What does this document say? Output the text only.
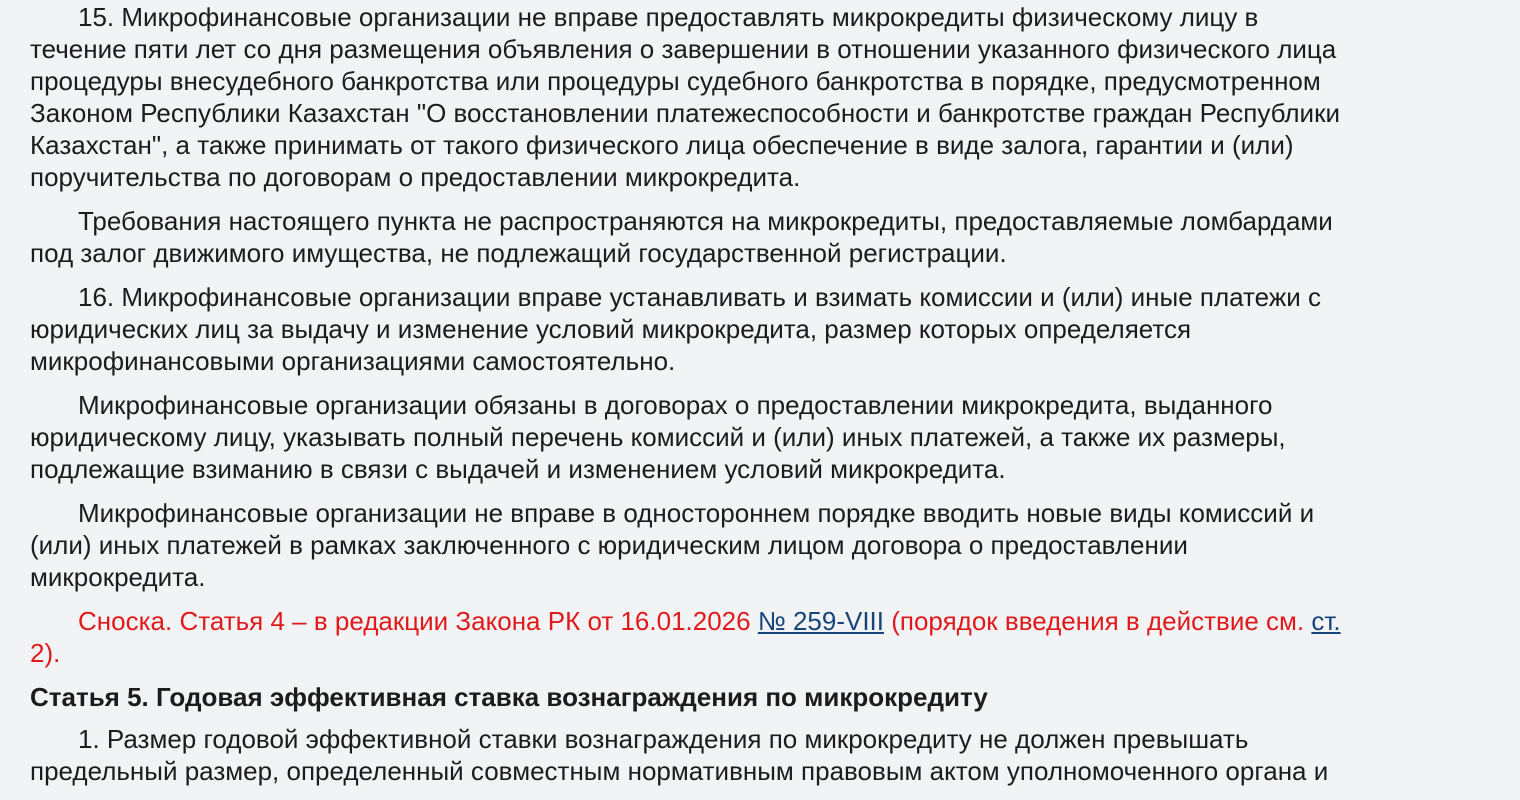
15. Микрофинансовые организации не вправе предоставлять микрокредиты физическому лицу в
течение пяти лет со дня размещения объявления о завершении в отношении указанного физического лица
процедуры внесудебного банкротства или процедуры судебного банкротства в порядке, предусмотренном
Законом Республики Казахстан "О восстановлении платежеспособности и банкротстве граждан Республики
Казахстан", а также принимать от такого физического лица обеспечение в виде залога, гарантии и (или)
поручительства по договорам о предоставлении микрокредита.

Требования настоящего пункта не распространяются на микрокредиты, предоставляемые ломбардами
под залог движимого имущества, не подлежащий государственной регистрации.

16. Микрофинансовые организации вправе устанавливать и взимать комиссии и (или) иные платежи с
юридических лиц за выдачу и изменение условий микрокредита, размер которых определяется
микрофинансовыми организациями самостоятельно.

Микрофинансовые организации обязаны в договорах о предоставлении микрокредита, выданного
юридическому лицу, указывать полный перечень комиссий и (или) иных платежей, а также их размеры,
подлежащие взиманию в связи с выдачей и изменением условий микрокредита.

Микрофинансовые организации не вправе в одностороннем порядке вводить новые виды комиссий и
(или) иных платежей в рамках заключенного с юридическим лицом договора о предоставлении
микрокредита.

Сноска. Статья 4 – в редакции Закона РК от 16.01.2026 № 259-VIII (порядок введения в действие см. ст.
2).

Статья 5. Годовая эффективная ставка вознаграждения по микрокредиту

1. Размер годовой эффективной ставки вознаграждения по микрокредиту не должен превышать
предельный размер, определенный совместным нормативным правовым актом уполномоченного органа и
